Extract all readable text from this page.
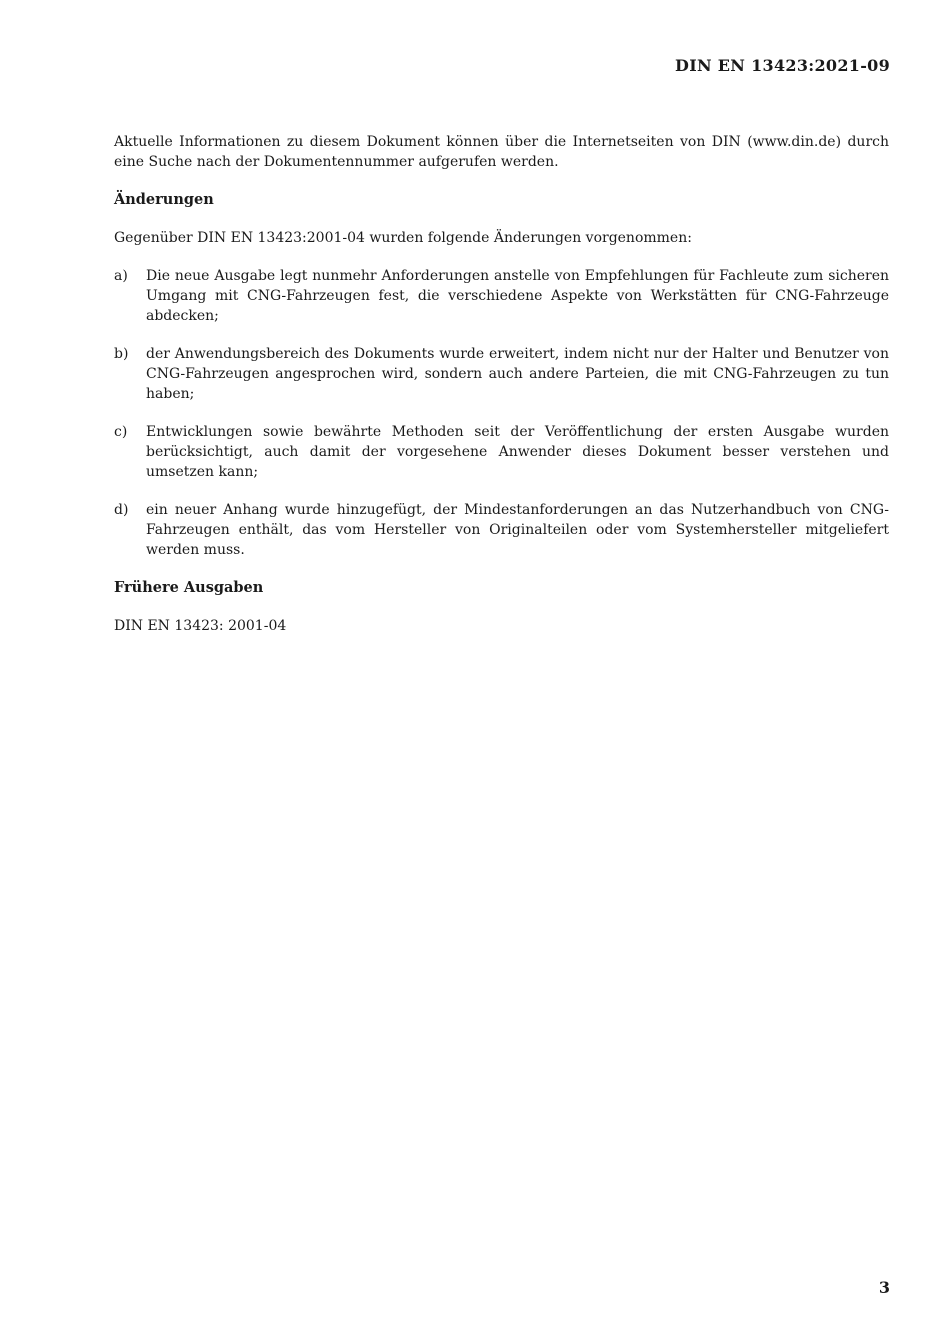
DIN EN 13423:2021-09

Aktuelle Informationen zu diesem Dokument können über die Internetseiten von DIN (www.din.de) durch eine Suche nach der Dokumentennummer aufgerufen werden.

Änderungen

Gegenüber DIN EN 13423:2001-04 wurden folgende Änderungen vorgenommen:

a)	Die neue Ausgabe legt nunmehr Anforderungen anstelle von Empfehlungen für Fachleute zum sicheren Umgang mit CNG-Fahrzeugen fest, die verschiedene Aspekte von Werkstätten für CNG-Fahrzeuge abdecken;
b)	der Anwendungsbereich des Dokuments wurde erweitert, indem nicht nur der Halter und Benutzer von CNG-Fahrzeugen angesprochen wird, sondern auch andere Parteien, die mit CNG-Fahrzeugen zu tun haben;
c)	Entwicklungen sowie bewährte Methoden seit der Veröffentlichung der ersten Ausgabe wurden berücksichtigt, auch damit der vorgesehene Anwender dieses Dokument besser verstehen und umsetzen kann;
d)	ein neuer Anhang wurde hinzugefügt, der Mindestanforderungen an das Nutzerhandbuch von CNG-Fahrzeugen enthält, das vom Hersteller von Originalteilen oder vom Systemhersteller mitgeliefert werden muss.

Frühere Ausgaben

DIN EN 13423: 2001-04

3
